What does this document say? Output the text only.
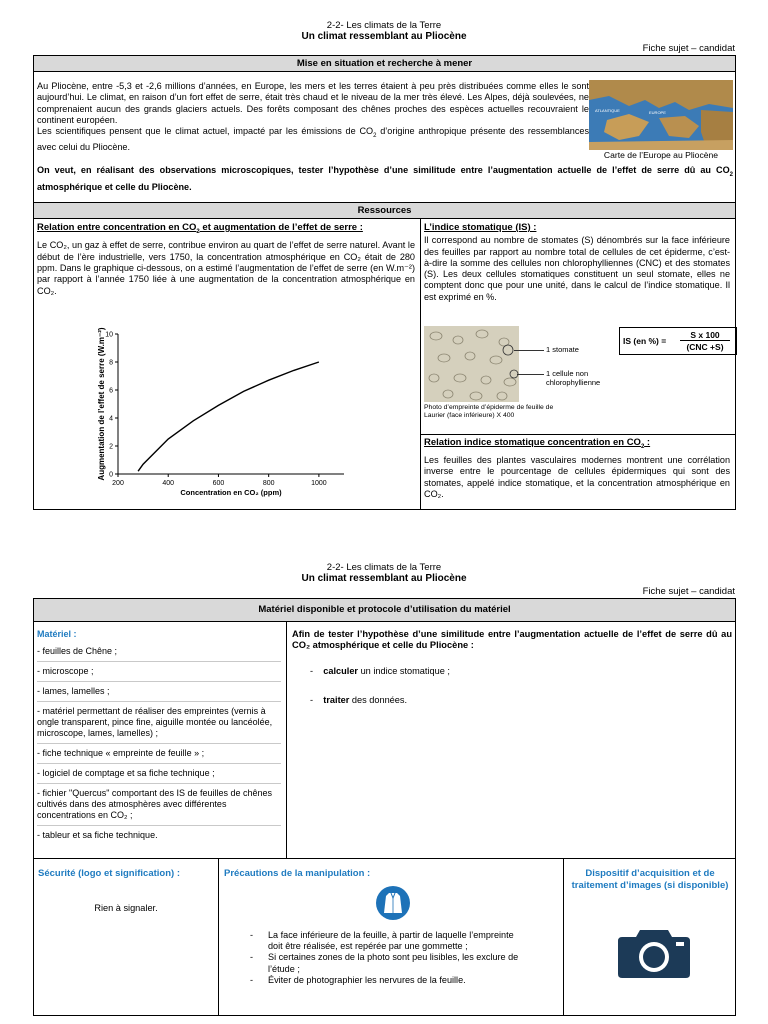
2-2- Les climats de la Terre
Un climat ressemblant au Pliocène
Fiche sujet – candidat
Mise en situation et recherche à mener

Au Pliocène, entre -5,3 et -2,6 millions d’années, en Europe, les mers et les terres étaient à peu près distribuées comme elles le sont aujourd’hui. Le climat, en raison d’un fort effet de serre, était très chaud et le niveau de la mer très élevé. Les Alpes, déjà soulevées, ne comprenaient aucun des grands glaciers actuels. Des forêts composant des chênes proches des espèces actuelles recouvraient le continent européen.

Les scientifiques pensent que le climat actuel, impacté par les émissions de $CO_2$ d’origine anthropique présente des ressemblances avec celui du Pliocène.

ATLANTIQUE	EUROPE
Carte de l’Europe au Pliocène

On veut, en réalisant des observations microscopiques, tester l’hypothèse d’une similitude entre l’augmentation actuelle de l’effet de serre dû au $CO_2$ atmosphérique et celle du Pliocène.

Ressources

Relation entre concentration en $CO_2$ et augmentation de l’effet de serre :

Le CO₂, un gaz à effet de serre, contribue environ au quart de l’effet de serre naturel. Avant le début de l’ère industrielle, vers 1750, la concentration atmosphérique en CO₂ était de 280 ppm. Dans le graphique ci-dessous, on a estimé l’augmentation de l’effet de serre (en W.m⁻²) par rapport à l’année 1750 liée à une augmentation de la concentration atmosphérique en CO₂.

200	400	600	800	1000
0
2
4
6
8
10
Concentration en CO₂ (ppm)
Augmentation de l’effet de serre (W.m⁻²)

L’indice stomatique (IS) :

Il correspond au nombre de stomates (S) dénombrés sur la face inférieure des feuilles par rapport au nombre total de cellules de cet épiderme, c’est-à-dire la somme des cellules non chlorophylliennes (CNC) et des stomates (S). Les deux cellules stomatiques constituent un seul stomate, elles ne comptent donc que pour une unité, dans le calcul de l’indice stomatique. Il est exprimé en %.

1 stomate
1 cellule non chlorophyllienne
Photo d’empreinte d’épiderme de feuille de Laurier (face inférieure) X 400
IS (en %) =
S x 100
(CNC +S)

Relation indice stomatique concentration en $CO_2$ :

Les feuilles des plantes vasculaires modernes montrent une corrélation inverse entre le pourcentage de cellules épidermiques qui sont des stomates, appelé indice stomatique, et la concentration atmosphérique en CO₂.

2-2- Les climats de la Terre
Un climat ressemblant au Pliocène
Fiche sujet – candidat
Matériel disponible et protocole d’utilisation du matériel
Matériel :
- feuilles de Chêne ;
- microscope ;
- lames, lamelles ;
- matériel permettant de réaliser des empreintes (vernis à ongle transparent, pince fine, aiguille montée ou lancéolée, microscope, lames, lamelles) ;
- fiche technique « empreinte de feuille » ;
- logiciel de comptage et sa fiche technique ;
- fichier "Quercus" comportant des IS de feuilles de chênes cultivés dans des atmosphères avec différentes concentrations en CO₂ ;
- tableur et sa fiche technique.

Afin de tester l’hypothèse d’une similitude entre l’augmentation actuelle de l’effet de serre dû au CO₂ atmosphérique et celle du Pliocène :

-    calculer un indice stomatique ;
-    traiter des données.
Sécurité (logo et signification) :
Rien à signaler.
Précautions de la manipulation :
-	La face inférieure de la feuille, à partir de laquelle l’empreinte doit être réalisée, est repérée par une gommette ;
-	Si certaines zones de la photo sont peu lisibles, les exclure de l’étude ;
-	Éviter de photographier les nervures de la feuille.
Dispositif d’acquisition et de traitement d’images (si disponible)
